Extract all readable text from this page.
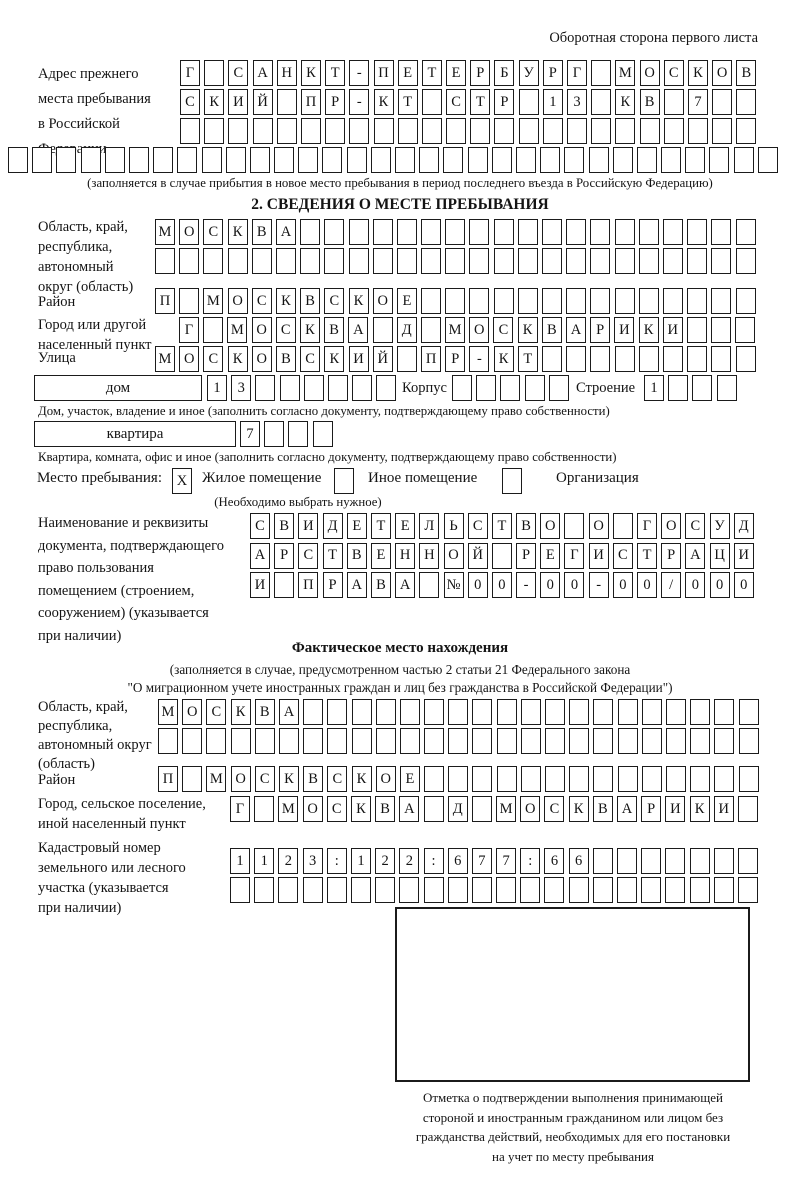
Оборотная сторона первого листа
Адрес прежнего
места пребывания
в Российской
Г	С А Н К	Т	-	П	Е	Т	Е	Р	Б	У	Р	Г	М О С	К О В
С	К И Й	П	Р	-	К	Т	С	Т	Р	1	3	К	В	7
(заполняется в случае прибытия в новое место пребывания в период последнего въезда в Российскую Федерацию)
2. СВЕДЕНИЯ О МЕСТЕ ПРЕБЫВАНИЯ
Область, край,
республика,
автономный
округ (область)
М О С	К	В А
Район	П	М О С	К	В	С	К О	Е
Город или другой
населенный пункт
Г	М О С	К	В А	Д	М О С	К	В А	Р	И К И
Улица	М О С	К О В	С	К И Й	П	Р	-	К	Т
дом	1	3	Корпус	Строение	1
Дом, участок, владение и иное (заполнить согласно документу, подтверждающему право собственности)
квартира	7
Квартира, комната, офис и иное (заполнить согласно документу, подтверждающему право собственности)
Место пребывания:	X Жилое помещение	Иное помещение	Организация
(Необходимо выбрать нужное)
Наименование и реквизиты
документа, подтверждающего
право пользования
помещением (строением,
сооружением) (указывается
при наличии)
С	В И Д	Е	Т	Е	Л	Ь	С	Т	В О	О	Г	О С У Д
А	Р	С	Т	В	Е	Н Н О Й	Р	Е	Г	И С	Т	Р	А Ц И
И	П	Р	А В А	№ 0	0	-	0	0	-	0	0	/	0	0	0
Фактическое место нахождения
(заполняется в случае, предусмотренном частью 2 статьи 21 Федерального закона
"О миграционном учете иностранных граждан и лиц без гражданства в Российской Федерации")
Область, край,
республика,
автономный округ
(область)
М О С	К	В А
Район	П	М О С	К	В	С	К О	Е
Город, сельское поселение,
иной населенный пункт
Г	М О С	К	В А	Д	М О С	К	В А	Р	И К И
Кадастровый номер
земельного или лесного
участка (указывается
при наличии)
1	1	2	3	:	1	2	2	:	6	7	7	:	6	6
Отметка о подтверждении выполнения принимающей
стороной и иностранным гражданином или лицом без
гражданства действий, необходимых для его постановки
на учет по месту пребывания
